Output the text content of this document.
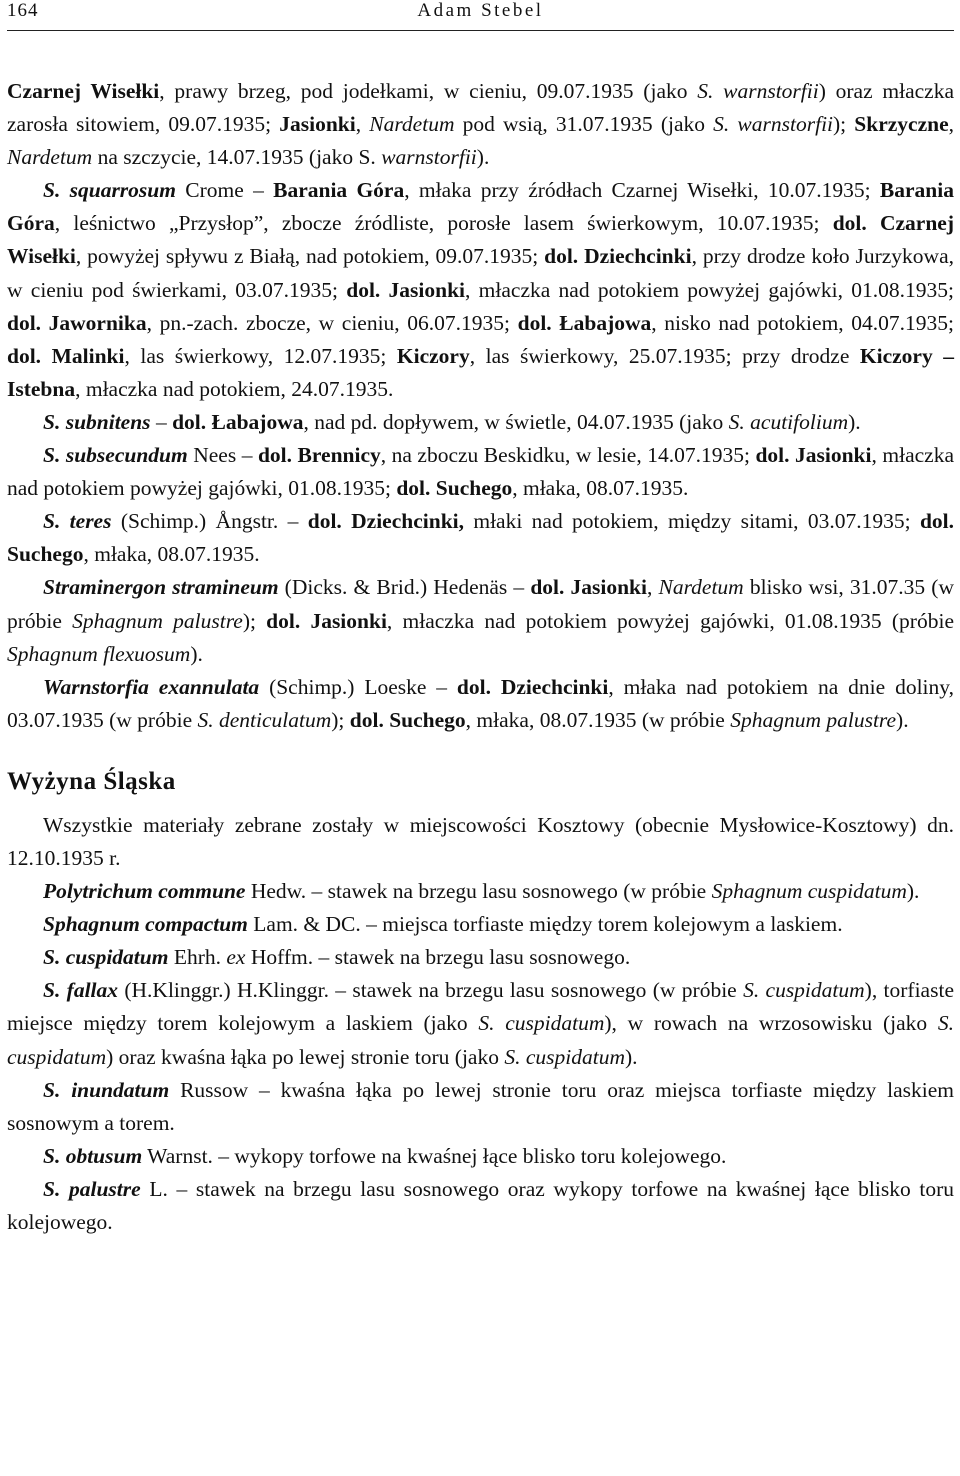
164	Adam Stebel

Czarnej Wisełki, prawy brzeg, pod jodełkami, w cieniu, 09.07.1935 (jako S. warnstorfii) oraz młaczka zarosła sitowiem, 09.07.1935; Jasionki, Nardetum pod wsią, 31.07.1935 (jako S. warnstorfii); Skrzyczne, Nardetum na szczycie, 14.07.1935 (jako S. warnstorfii).

S. squarrosum Crome – Barania Góra, młaka przy źródłach Czarnej Wisełki, 10.07.1935; Barania Góra, leśnictwo „Przysłop”, zbocze źródliste, porosłe lasem świerkowym, 10.07.1935; dol. Czarnej Wisełki, powyżej spływu z Białą, nad potokiem, 09.07.1935; dol. Dziechcinki, przy drodze koło Jurzykowa, w cieniu pod świerkami, 03.07.1935; dol. Jasionki, młaczka nad potokiem powyżej gajówki, 01.08.1935; dol. Jawornika, pn.-zach. zbocze, w cieniu, 06.07.1935; dol. Łabajowa, nisko nad potokiem, 04.07.1935; dol. Malinki, las świerkowy, 12.07.1935; Kiczory, las świerkowy, 25.07.1935; przy drodze Kiczory – Istebna, młaczka nad potokiem, 24.07.1935.

S. subnitens – dol. Łabajowa, nad pd. dopływem, w świetle, 04.07.1935 (jako S. acutifolium).

S. subsecundum Nees – dol. Brennicy, na zboczu Beskidku, w lesie, 14.07.1935; dol. Jasionki, młaczka nad potokiem powyżej gajówki, 01.08.1935; dol. Suchego, młaka, 08.07.1935.

S. teres (Schimp.) Ångstr. – dol. Dziechcinki, młaki nad potokiem, między sitami, 03.07.1935; dol. Suchego, młaka, 08.07.1935.

Straminergon stramineum (Dicks. & Brid.) Hedenäs – dol. Jasionki, Nardetum blisko wsi, 31.07.35 (w próbie Sphagnum palustre); dol. Jasionki, młaczka nad potokiem powyżej gajówki, 01.08.1935 (próbie Sphagnum flexuosum).

Warnstorfia exannulata (Schimp.) Loeske – dol. Dziechcinki, młaka nad potokiem na dnie doliny, 03.07.1935 (w próbie S. denticulatum); dol. Suchego, młaka, 08.07.1935 (w próbie Sphagnum palustre).

Wyżyna Śląska

Wszystkie materiały zebrane zostały w miejscowości Kosztowy (obecnie Mysłowice-Kosztowy) dn. 12.10.1935 r.

Polytrichum commune Hedw. – stawek na brzegu lasu sosnowego (w próbie Sphagnum cuspidatum).

Sphagnum compactum Lam. & DC. – miejsca torfiaste między torem kolejowym a laskiem.

S. cuspidatum Ehrh. ex Hoffm. – stawek na brzegu lasu sosnowego.

S. fallax (H.Klinggr.) H.Klinggr. – stawek na brzegu lasu sosnowego (w próbie S. cuspidatum), torfiaste miejsce między torem kolejowym a laskiem (jako S. cuspidatum), w rowach na wrzosowisku (jako S. cuspidatum) oraz kwaśna łąka po lewej stronie toru (jako S. cuspidatum).

S. inundatum Russow – kwaśna łąka po lewej stronie toru oraz miejsca torfiaste między laskiem sosnowym a torem.

S. obtusum Warnst. – wykopy torfowe na kwaśnej łące blisko toru kolejowego.

S. palustre L. – stawek na brzegu lasu sosnowego oraz wykopy torfowe na kwaśnej łące blisko toru kolejowego.
